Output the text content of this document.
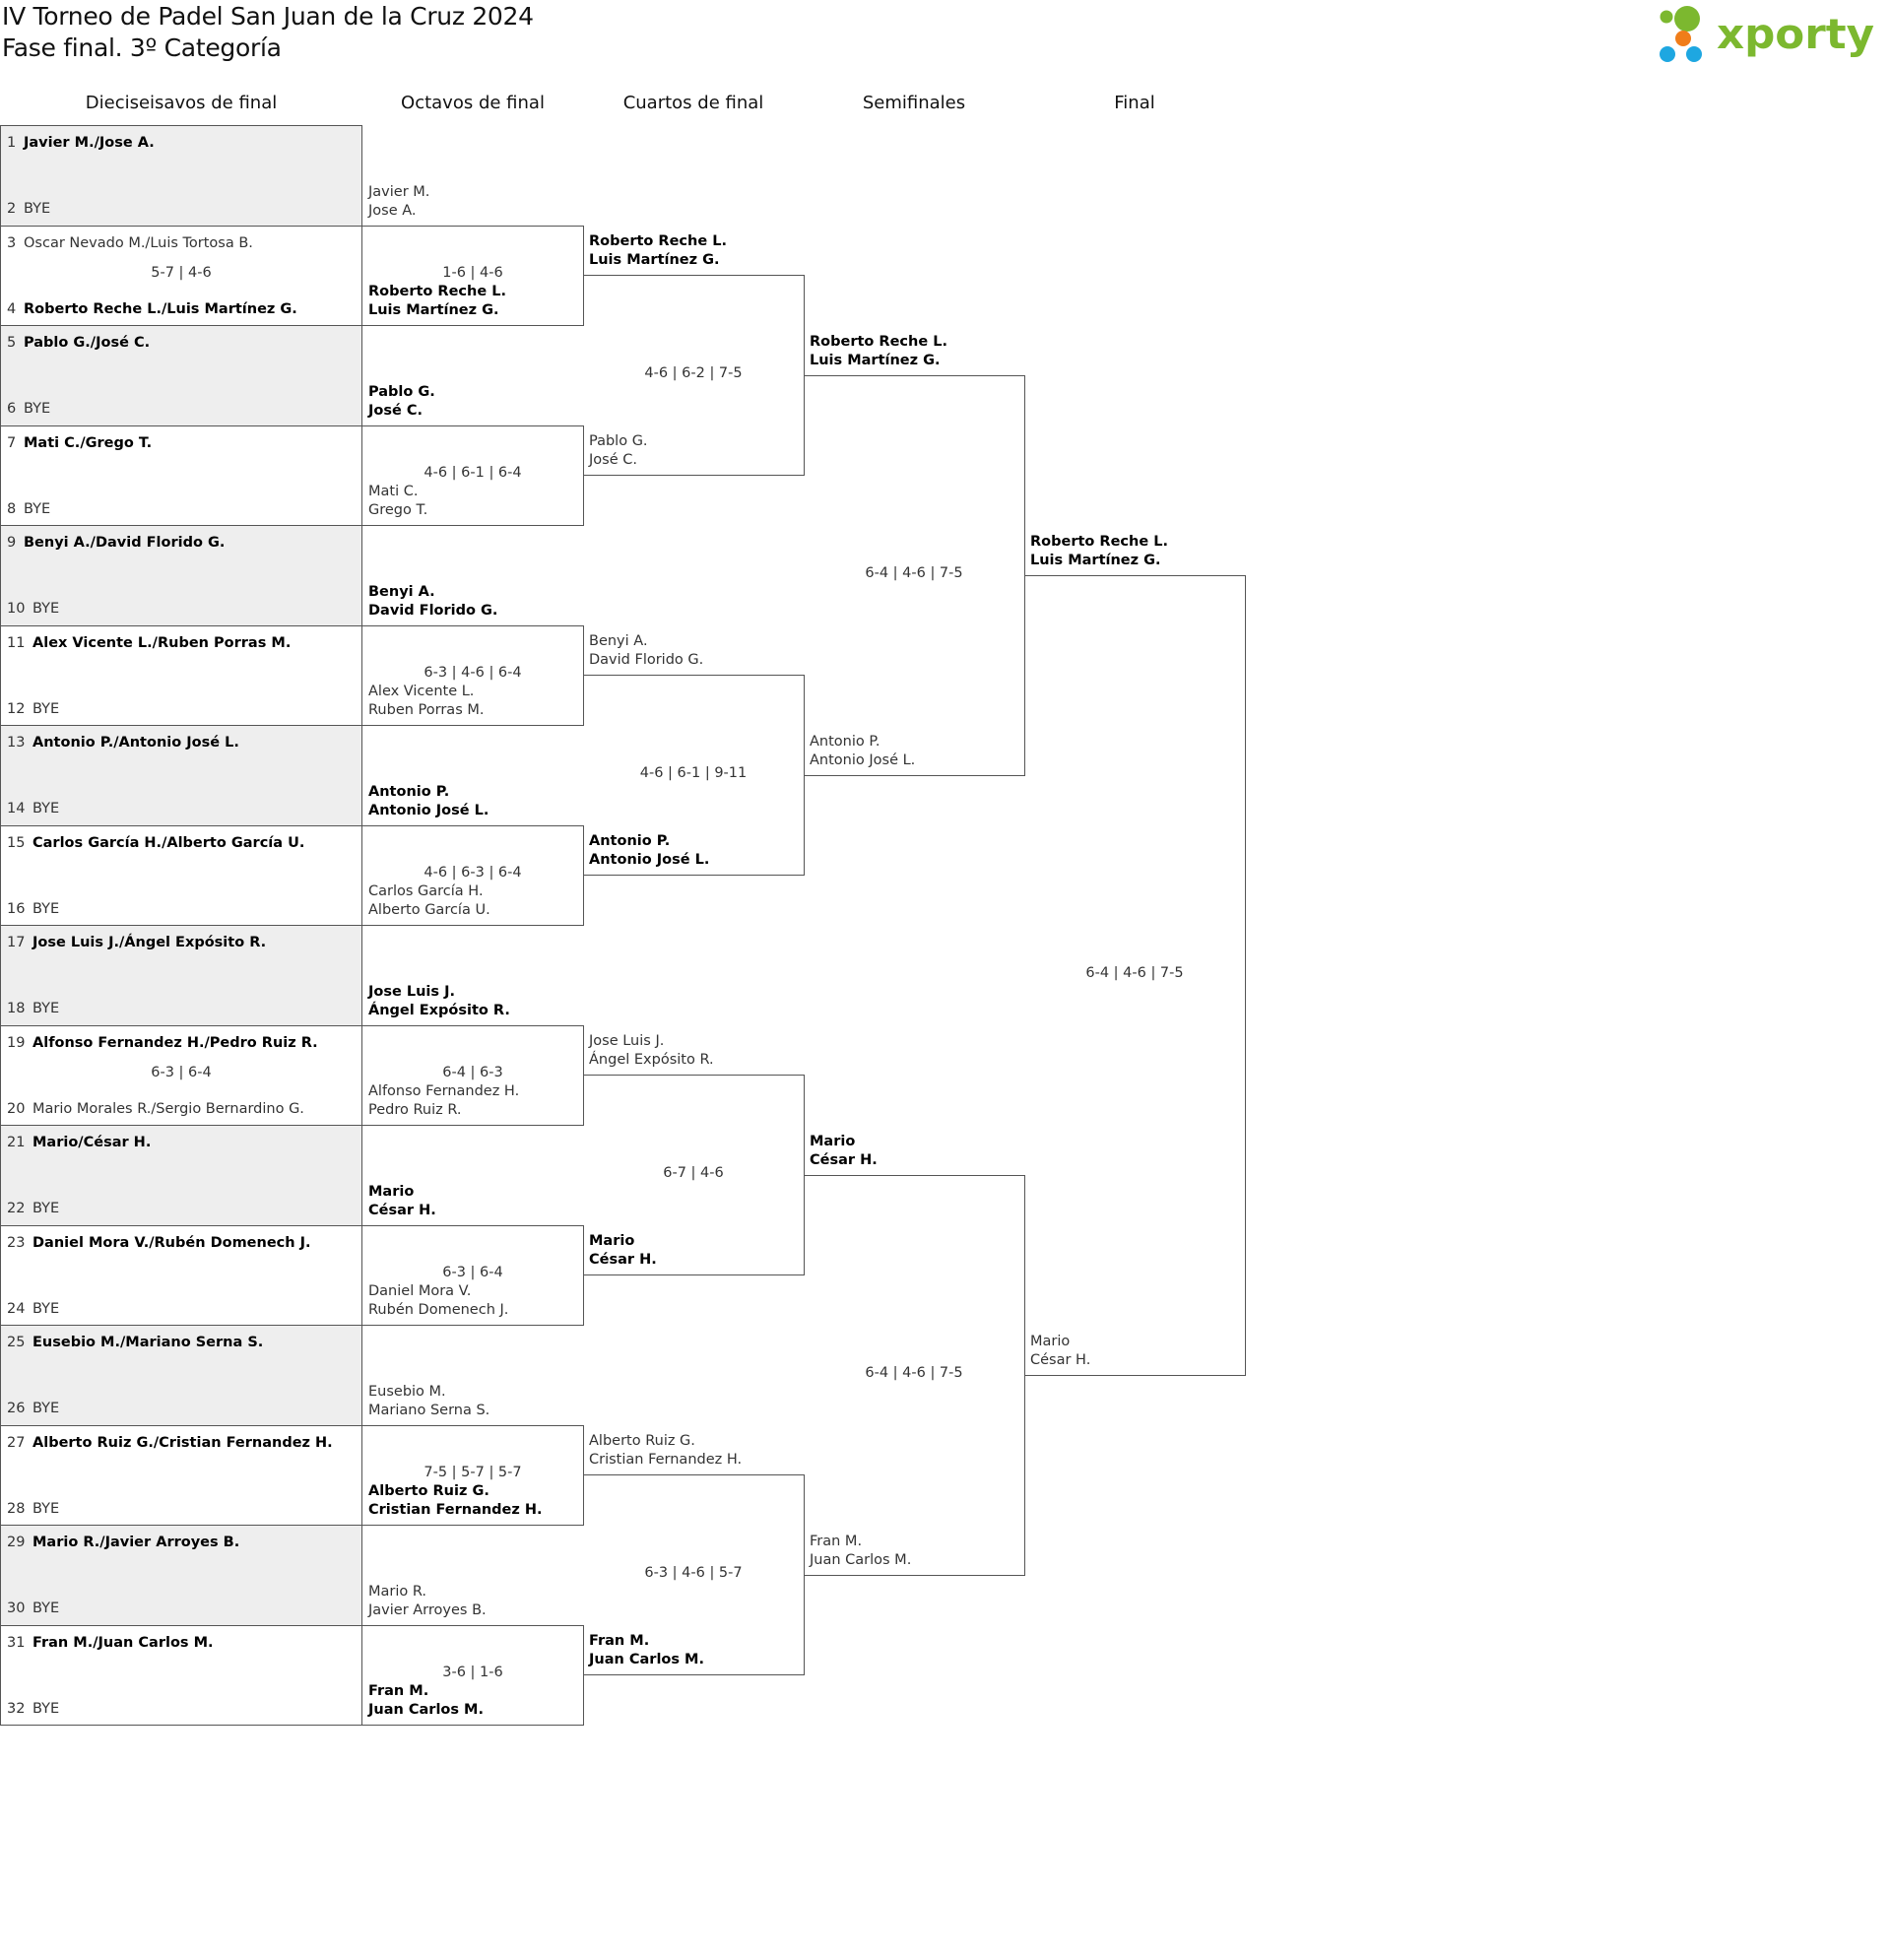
IV Torneo de Padel San Juan de la Cruz 2024
Fase final. 3º Categoría	xporty
Dieciseisavos de final	Octavos de final	Cuartos de final	Semifinales	Final
1 Javier M./Jose A.
2 BYE
3 Oscar Nevado M./Luis Tortosa B.
4 Roberto Reche L./Luis Martínez G.
5-7 | 4-6
5 Pablo G./José C.
6 BYE
7 Mati C./Grego T.
8 BYE
9 Benyi A./David Florido G.
10 BYE
11 Alex Vicente L./Ruben Porras M.
12 BYE
13 Antonio P./Antonio José L.
14 BYE
15 Carlos García H./Alberto García U.
16 BYE
17 Jose Luis J./Ángel Expósito R.
18 BYE
19 Alfonso Fernandez H./Pedro Ruiz R.
20 Mario Morales R./Sergio Bernardino G.
6-3 | 6-4
21 Mario/César H.
22 BYE
23 Daniel Mora V./Rubén Domenech J.
24 BYE
25 Eusebio M./Mariano Serna S.
26 BYE
27 Alberto Ruiz G./Cristian Fernandez H.
28 BYE
29 Mario R./Javier Arroyes B.
30 BYE
31 Fran M./Juan Carlos M.
32 BYE
Javier M.
Jose A.
Roberto Reche L.
Luis Martínez G.
1-6 | 4-6
Pablo G.
José C.
Mati C.
Grego T.
4-6 | 6-1 | 6-4
Benyi A.
David Florido G.
Alex Vicente L.
Ruben Porras M.
6-3 | 4-6 | 6-4
Antonio P.
Antonio José L.
Carlos García H.
Alberto García U.
4-6 | 6-3 | 6-4
Jose Luis J.
Ángel Expósito R.
Alfonso Fernandez H.
Pedro Ruiz R.
6-4 | 6-3
Mario
César H.
Daniel Mora V.
Rubén Domenech J.
6-3 | 6-4
Eusebio M.
Mariano Serna S.
Alberto Ruiz G.
Cristian Fernandez H.
7-5 | 5-7 | 5-7
Mario R.
Javier Arroyes B.
Fran M.
Juan Carlos M.
3-6 | 1-6
Roberto Reche L.
Luis Martínez G.
Pablo G.
José C.
4-6 | 6-2 | 7-5
Benyi A.
David Florido G.
Antonio P.
Antonio José L.
4-6 | 6-1 | 9-11
Jose Luis J.
Ángel Expósito R.
Mario
César H.
6-7 | 4-6
Alberto Ruiz G.
Cristian Fernandez H.
Fran M.
Juan Carlos M.
6-3 | 4-6 | 5-7
Roberto Reche L.
Luis Martínez G.
Antonio P.
Antonio José L.
6-4 | 4-6 | 7-5
Mario
César H.
Fran M.
Juan Carlos M.
6-4 | 4-6 | 7-5
Roberto Reche L.
Luis Martínez G.
Mario
César H.
6-4 | 4-6 | 7-5
